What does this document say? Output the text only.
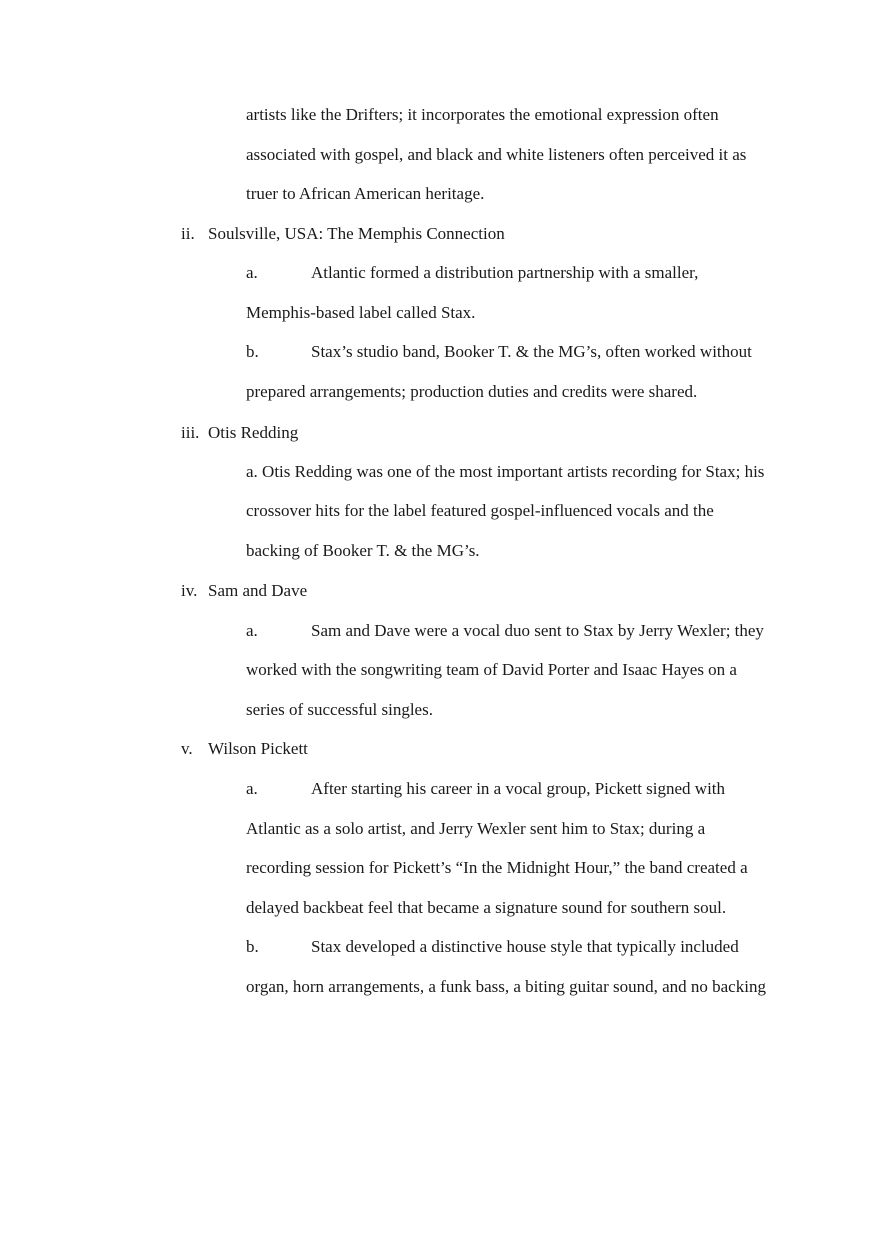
artists like the Drifters; it incorporates the emotional expression often
associated with gospel, and black and white listeners often perceived it as
truer to African American heritage.
ii. Soulsville, USA: The Memphis Connection
a.	Atlantic formed a distribution partnership with a smaller,
Memphis-based label called Stax.
b.	Stax’s studio band, Booker T. & the MG’s, often worked without
prepared arrangements; production duties and credits were shared.
iii. Otis Redding
a. Otis Redding was one of the most important artists recording for Stax; his
crossover hits for the label featured gospel-influenced vocals and the
backing of Booker T. & the MG’s.
iv. Sam and Dave
a.	Sam and Dave were a vocal duo sent to Stax by Jerry Wexler; they
worked with the songwriting team of David Porter and Isaac Hayes on a
series of successful singles.
v. Wilson Pickett
a.	After starting his career in a vocal group, Pickett signed with
Atlantic as a solo artist, and Jerry Wexler sent him to Stax; during a
recording session for Pickett’s “In the Midnight Hour,” the band created a
delayed backbeat feel that became a signature sound for southern soul.
b.	Stax developed a distinctive house style that typically included
organ, horn arrangements, a funk bass, a biting guitar sound, and no backing
